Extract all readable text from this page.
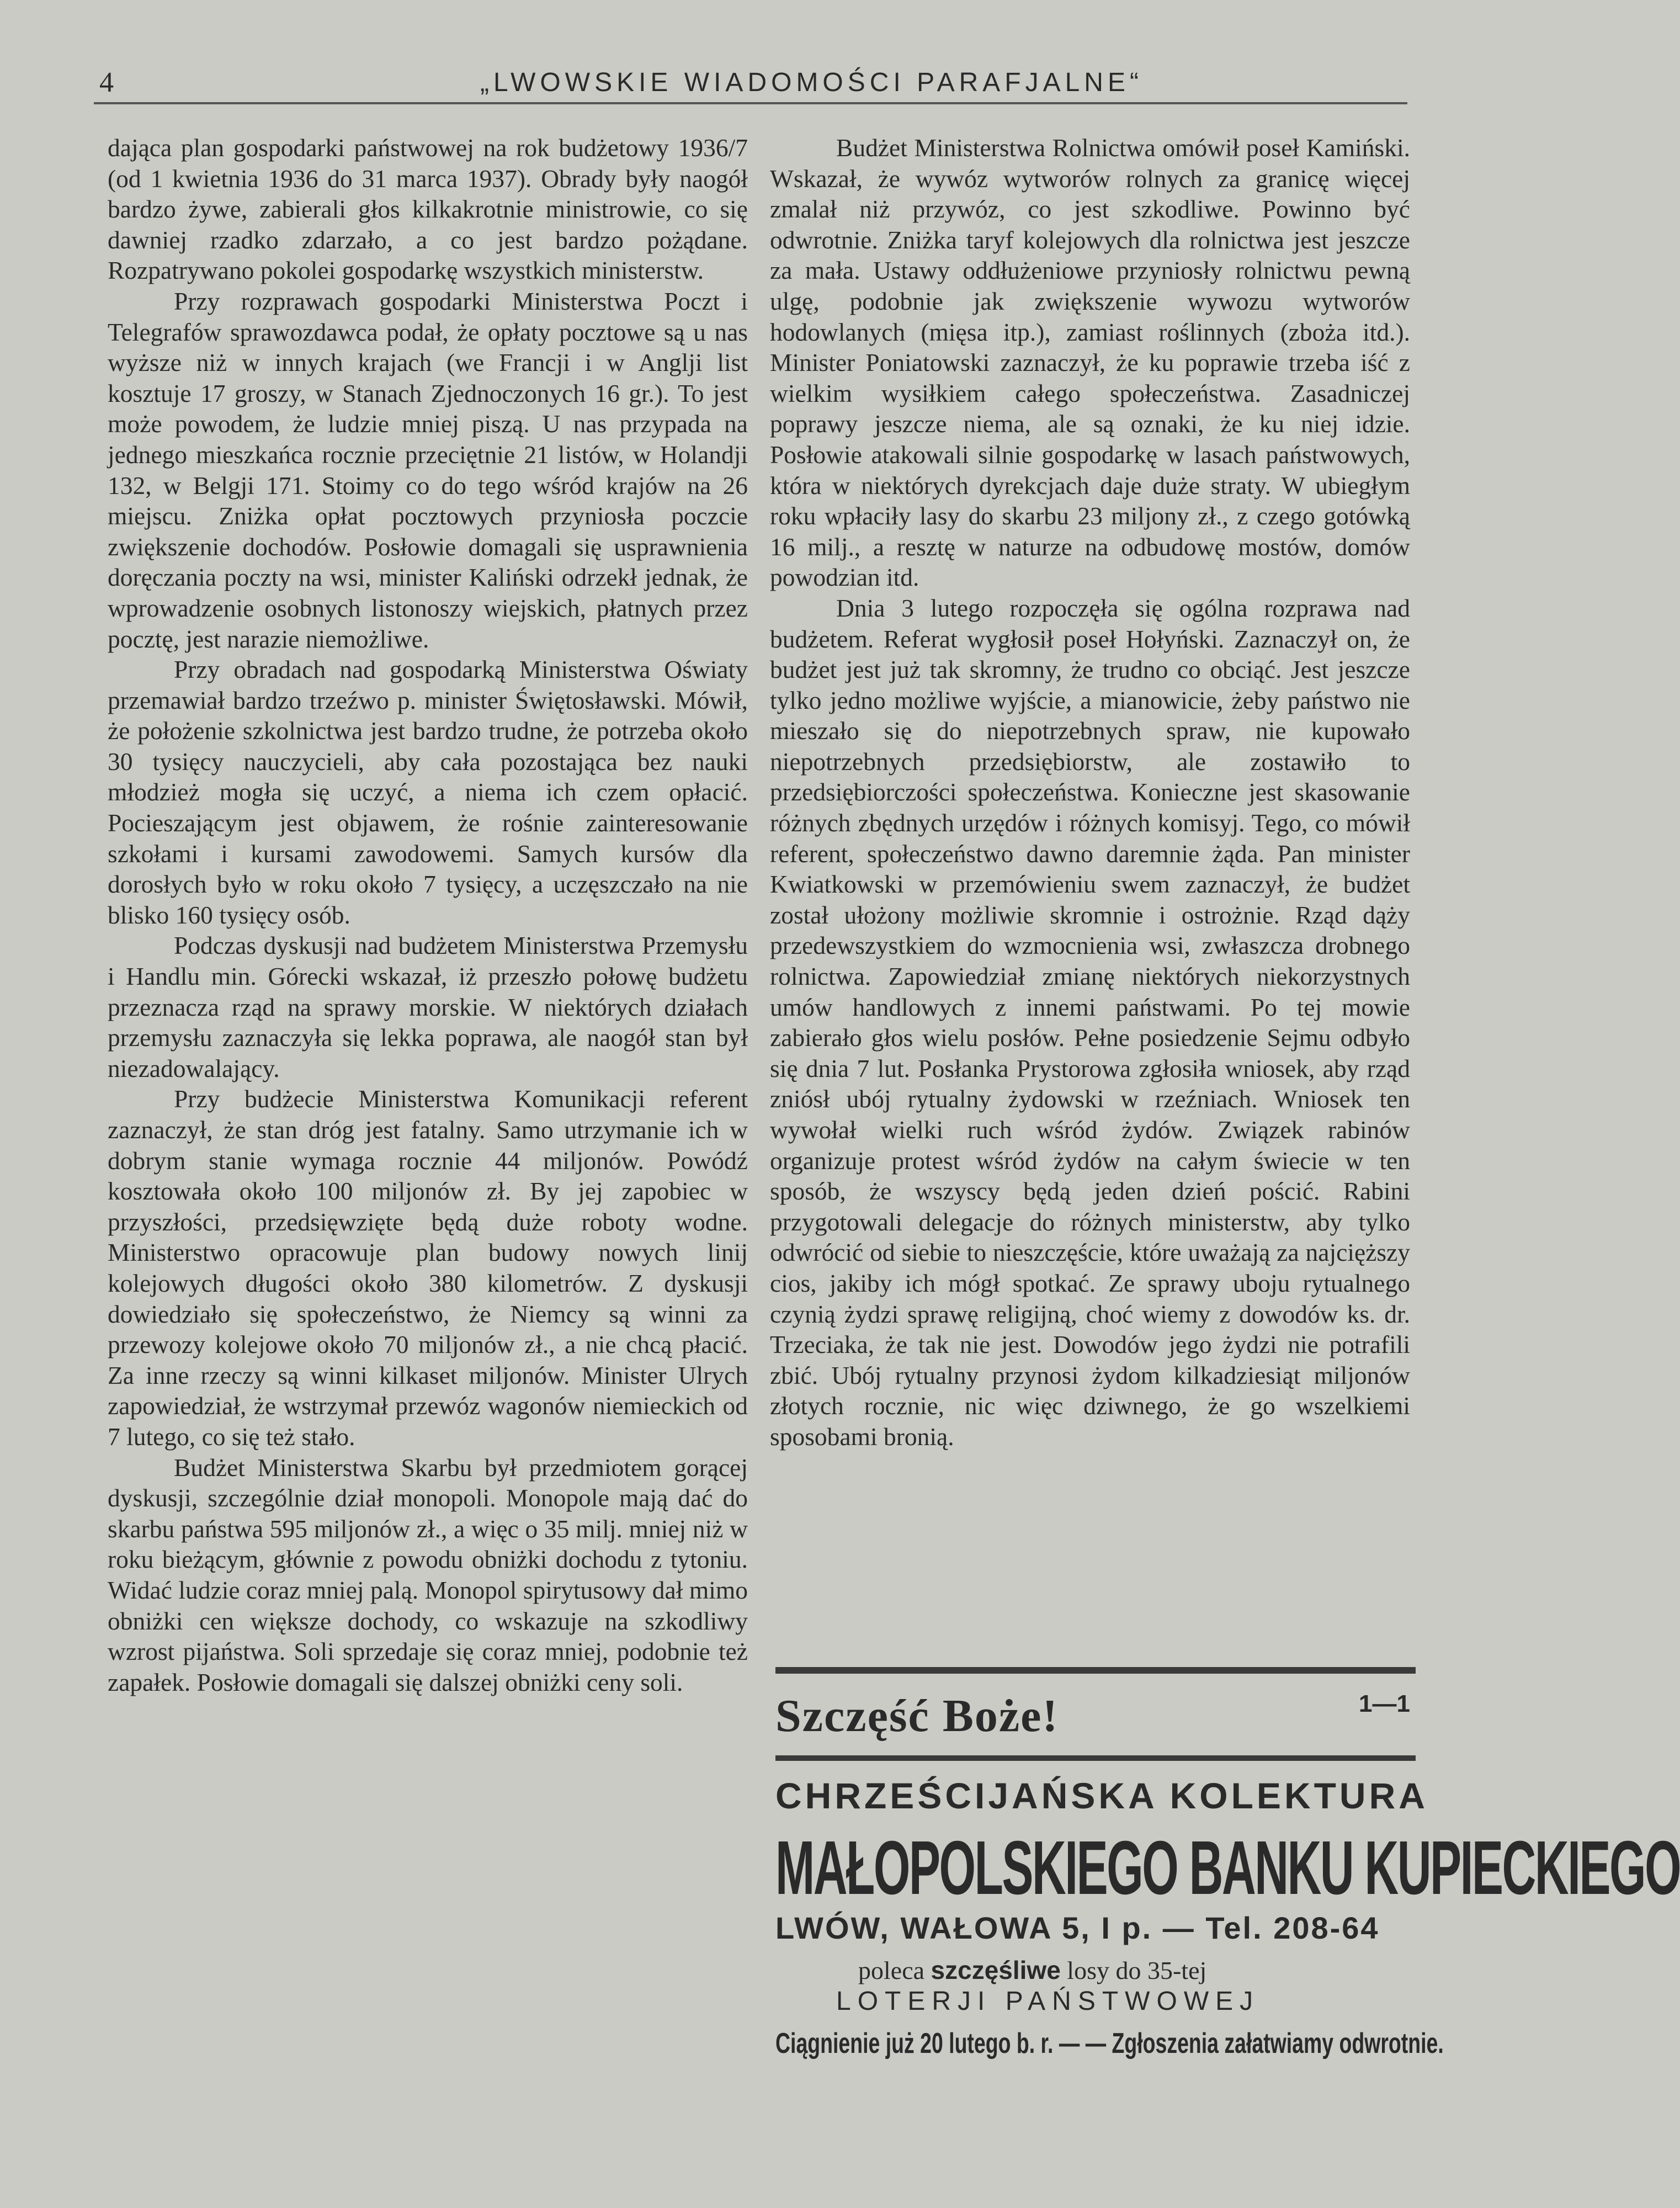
4	„LWOWSKIE WIADOMOŚCI PARAFJALNE“

dająca plan gospodarki państwowej na rok budżetowy 1936/7 (od 1 kwietnia 1936 do 31 marca 1937). Obrady były naogół bardzo żywe, zabierali głos kilkakrotnie ministrowie, co się dawniej rzadko zdarzało, a co jest bardzo pożądane. Rozpatrywano pokolei gospodarkę wszystkich ministerstw.

Przy rozprawach gospodarki Ministerstwa Poczt i Telegrafów sprawozdawca podał, że opłaty pocztowe są u nas wyższe niż w innych krajach (we Francji i w Anglji list kosztuje 17 groszy, w Stanach Zjednoczonych 16 gr.). To jest może powodem, że ludzie mniej piszą. U nas przypada na jednego mieszkańca rocznie przeciętnie 21 listów, w Holandji 132, w Belgji 171. Stoimy co do tego wśród krajów na 26 miejscu. Zniżka opłat pocztowych przyniosła poczcie zwiększenie dochodów. Posłowie domagali się usprawnienia doręczania poczty na wsi, minister Kaliński odrzekł jednak, że wprowadzenie osobnych listonoszy wiejskich, płatnych przez pocztę, jest narazie niemożliwe.

Przy obradach nad gospodarką Ministerstwa Oświaty przemawiał bardzo trzeźwo p. minister Świętosławski. Mówił, że położenie szkolnictwa jest bardzo trudne, że potrzeba około 30 tysięcy nauczycieli, aby cała pozostająca bez nauki młodzież mogła się uczyć, a niema ich czem opłacić. Pocieszającym jest objawem, że rośnie zainteresowanie szkołami i kursami zawodowemi. Samych kursów dla dorosłych było w roku około 7 tysięcy, a uczęszczało na nie blisko 160 tysięcy osób.

Podczas dyskusji nad budżetem Ministerstwa Przemysłu i Handlu min. Górecki wskazał, iż przeszło połowę budżetu przeznacza rząd na sprawy morskie. W niektórych działach przemysłu zaznaczyła się lekka poprawa, ale naogół stan był niezadowalający.

Przy budżecie Ministerstwa Komunikacji referent zaznaczył, że stan dróg jest fatalny. Samo utrzymanie ich w dobrym stanie wymaga rocznie 44 miljonów. Powódź kosztowała około 100 miljonów zł. By jej zapobiec w przyszłości, przedsięwzięte będą duże roboty wodne. Ministerstwo opracowuje plan budowy nowych linij kolejowych długości około 380 kilometrów. Z dyskusji dowiedziało się społeczeństwo, że Niemcy są winni za przewozy kolejowe około 70 miljonów zł., a nie chcą płacić. Za inne rzeczy są winni kilkaset miljonów. Minister Ulrych zapowiedział, że wstrzymał przewóz wagonów niemieckich od 7 lutego, co się też stało.

Budżet Ministerstwa Skarbu był przedmiotem gorącej dyskusji, szczególnie dział monopoli. Monopole mają dać do skarbu państwa 595 miljonów zł., a więc o 35 milj. mniej niż w roku bieżącym, głównie z powodu obniżki dochodu z tytoniu. Widać ludzie coraz mniej palą. Monopol spirytusowy dał mimo obniżki cen większe dochody, co wskazuje na szkodliwy wzrost pijaństwa. Soli sprzedaje się coraz mniej, podobnie też zapałek. Posłowie domagali się dalszej obniżki ceny soli.

Budżet Ministerstwa Rolnictwa omówił poseł Kamiński. Wskazał, że wywóz wytworów rolnych za granicę więcej zmalał niż przywóz, co jest szkodliwe. Powinno być odwrotnie. Zniżka taryf kolejowych dla rolnictwa jest jeszcze za mała. Ustawy oddłużeniowe przyniosły rolnictwu pewną ulgę, podobnie jak zwiększenie wywozu wytworów hodowlanych (mięsa itp.), zamiast roślinnych (zboża itd.). Minister Poniatowski zaznaczył, że ku poprawie trzeba iść z wielkim wysiłkiem całego społeczeństwa. Zasadniczej poprawy jeszcze niema, ale są oznaki, że ku niej idzie. Posłowie atakowali silnie gospodarkę w lasach państwowych, która w niektórych dyrekcjach daje duże straty. W ubiegłym roku wpłaciły lasy do skarbu 23 miljony zł., z czego gotówką 16 milj., a resztę w naturze na odbudowę mostów, domów powodzian itd.

Dnia 3 lutego rozpoczęła się ogólna rozprawa nad budżetem. Referat wygłosił poseł Hołyński. Zaznaczył on, że budżet jest już tak skromny, że trudno co obciąć. Jest jeszcze tylko jedno możliwe wyjście, a mianowicie, żeby państwo nie mieszało się do niepotrzebnych spraw, nie kupowało niepotrzebnych przedsiębiorstw, ale zostawiło to przedsiębiorczości społeczeństwa. Konieczne jest skasowanie różnych zbędnych urzędów i różnych komisyj. Tego, co mówił referent, społeczeństwo dawno daremnie żąda. Pan minister Kwiatkowski w przemówieniu swem zaznaczył, że budżet został ułożony możliwie skromnie i ostrożnie. Rząd dąży przedewszystkiem do wzmocnienia wsi, zwłaszcza drobnego rolnictwa. Zapowiedział zmianę niektórych niekorzystnych umów handlowych z innemi państwami. Po tej mowie zabierało głos wielu posłów. Pełne posiedzenie Sejmu odbyło się dnia 7 lut. Posłanka Prystorowa zgłosiła wniosek, aby rząd zniósł ubój rytualny żydowski w rzeźniach. Wniosek ten wywołał wielki ruch wśród żydów. Związek rabinów organizuje protest wśród żydów na całym świecie w ten sposób, że wszyscy będą jeden dzień pościć. Rabini przygotowali delegacje do różnych ministerstw, aby tylko odwrócić od siebie to nieszczęście, które uważają za najcięższy cios, jakiby ich mógł spotkać. Ze sprawy uboju rytualnego czynią żydzi sprawę religijną, choć wiemy z dowodów ks. dr. Trzeciaka, że tak nie jest. Dowodów jego żydzi nie potrafili zbić. Ubój rytualny przynosi żydom kilkadziesiąt miljonów złotych rocznie, nic więc dziwnego, że go wszelkiemi sposobami bronią.

Szczęść Boże!	1—1
CHRZEŚCIJAŃSKA KOLEKTURA
MAŁOPOLSKIEGO BANKU KUPIECKIEGO
LWÓW, WAŁOWA 5, I p. — Tel. 208-64
poleca szczęśliwe losy do 35-tej
LOTERJI PAŃSTWOWEJ
Ciągnienie już 20 lutego b. r. — — Zgłoszenia załatwiamy odwrotnie.
